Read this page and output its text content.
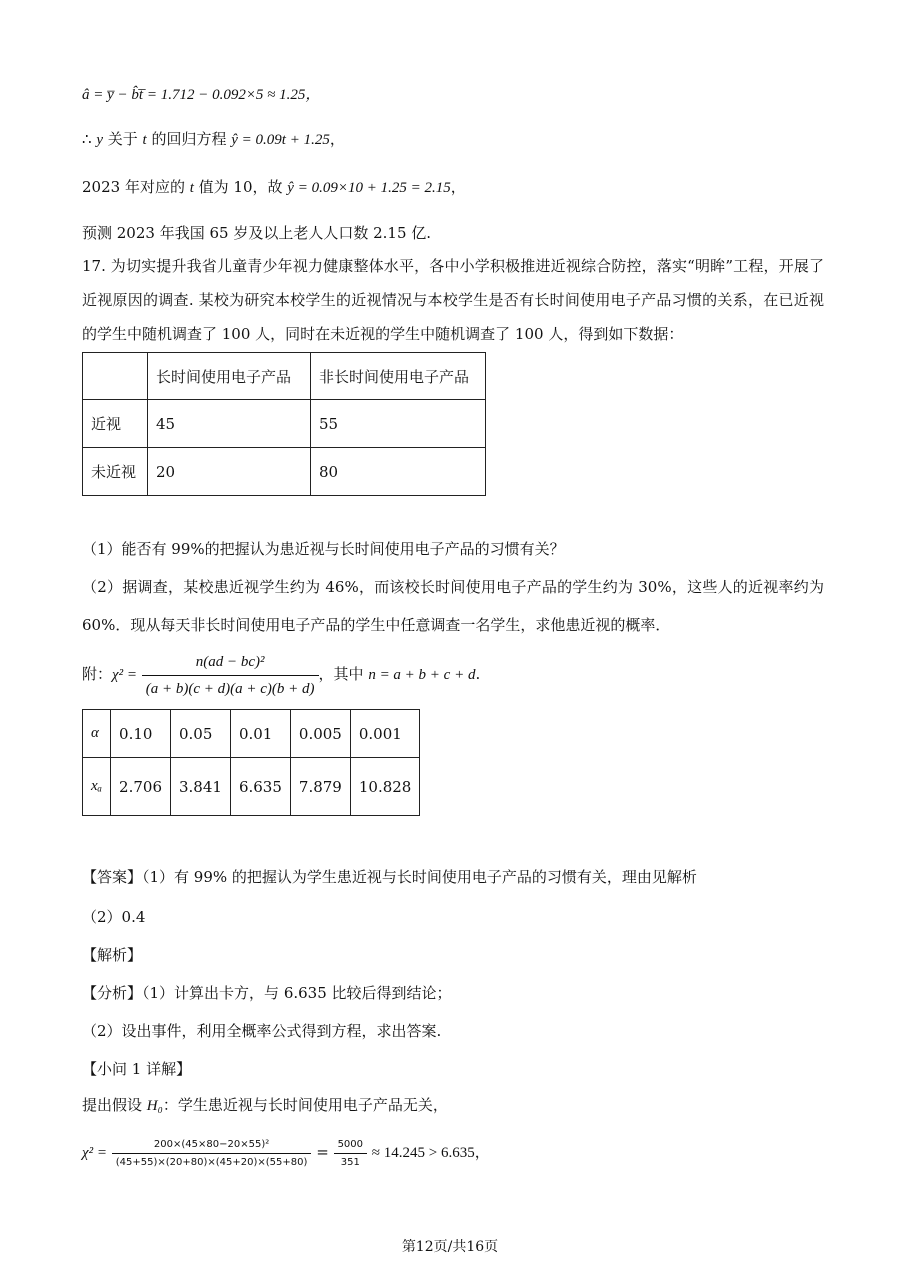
â = y̅ − b̂t̅ = 1.712 − 0.092×5 ≈ 1.25，
∴ y 关于 t 的回归方程 ŷ = 0.09t + 1.25，
2023 年对应的 t 值为 10，故 ŷ = 0.09×10 + 1.25 = 2.15，
预测 2023 年我国 65 岁及以上老人人口数 2.15 亿.
17. 为切实提升我省儿童青少年视力健康整体水平，各中小学积极推进近视综合防控，落实“明眸”工程，开展了近视原因的调查. 某校为研究本校学生的近视情况与本校学生是否有长时间使用电子产品习惯的关系，在已近视的学生中随机调查了 100 人，同时在未近视的学生中随机调查了 100 人，得到如下数据：
	长时间使用电子产品	非长时间使用电子产品
近视	45	55
未近视	20	80
（1）能否有 99%的把握认为患近视与长时间使用电子产品的习惯有关？
（2）据调查，某校患近视学生约为 46%，而该校长时间使用电子产品的学生约为 30%，这些人的近视率约为 60%．现从每天非长时间使用电子产品的学生中任意调查一名学生，求他患近视的概率．
附：$\chi^2 = \frac{\text{n(ad − bc)²}}{(a + b)(c + d)(a + c)(b + d)}$ ，其中 n = a + b + c + d.
α	0.10	0.05	0.01	0.005	0.001
xₐ	2.706	3.841	6.635	7.879	10.828
【答案】（1）有 99% 的把握认为学生患近视与长时间使用电子产品的习惯有关，理由见解析
（2）0.4
【解析】
【分析】（1）计算出卡方，与 6.635 比较后得到结论；
（2）设出事件，利用全概率公式得到方程，求出答案.
【小问 1 详解】
提出假设 H₀：学生患近视与长时间使用电子产品无关，
$\chi^2 = \frac{\text{200×(45×80−20×55)²}}{(45+55)\times(20+80)\times(45+20)\times(55+80)} = \frac{5000}{351} \approx 14.245 > 6.635$，
第12页/共16页
